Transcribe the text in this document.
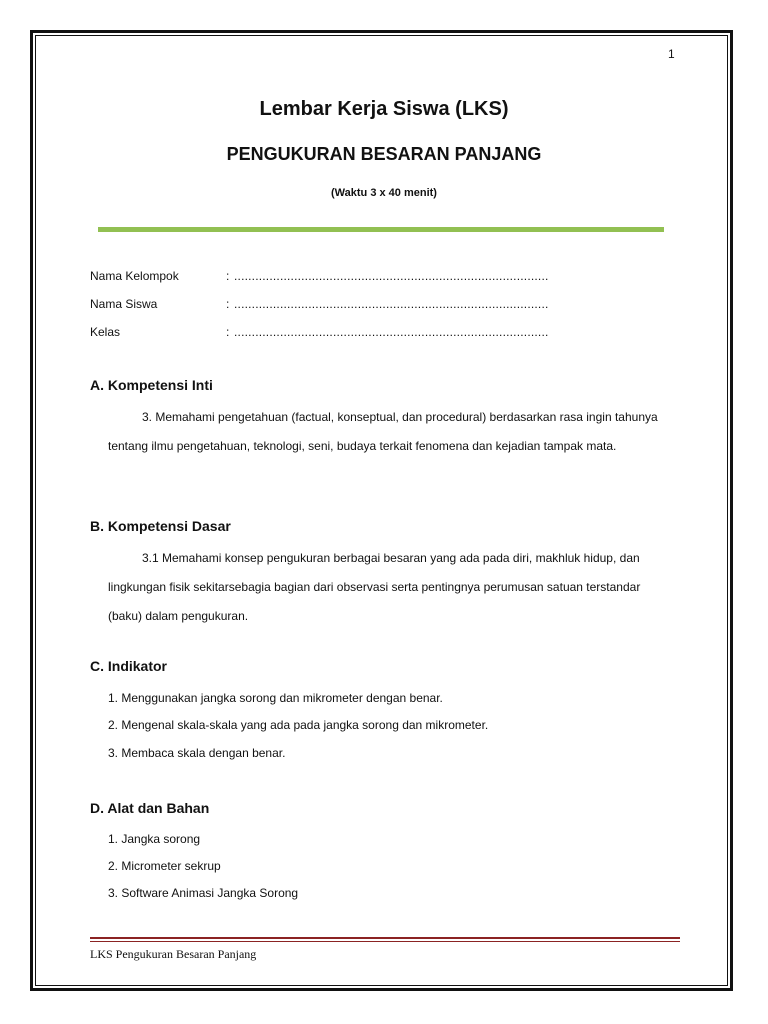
1
Lembar Kerja Siswa (LKS)
PENGUKURAN BESARAN PANJANG
(Waktu 3 x 40 menit)
Nama Kelompok	: .........................................................................................
Nama Siswa	: .........................................................................................
Kelas	: .........................................................................................
A. Kompetensi Inti
3. Memahami pengetahuan (factual, konseptual, dan procedural) berdasarkan rasa ingin tahunya tentang ilmu pengetahuan, teknologi, seni, budaya terkait fenomena dan kejadian tampak mata.
B. Kompetensi Dasar
3.1 Memahami konsep pengukuran berbagai besaran yang ada pada diri, makhluk hidup, dan lingkungan fisik sekitarsebagia bagian dari observasi serta pentingnya perumusan satuan terstandar (baku) dalam pengukuran.
C. Indikator
1. Menggunakan jangka sorong dan mikrometer dengan benar.
2. Mengenal skala-skala yang ada pada jangka sorong dan mikrometer.
3. Membaca skala dengan benar.
D. Alat dan Bahan
1. Jangka sorong
2. Micrometer sekrup
3. Software Animasi Jangka Sorong
LKS Pengukuran Besaran Panjang
